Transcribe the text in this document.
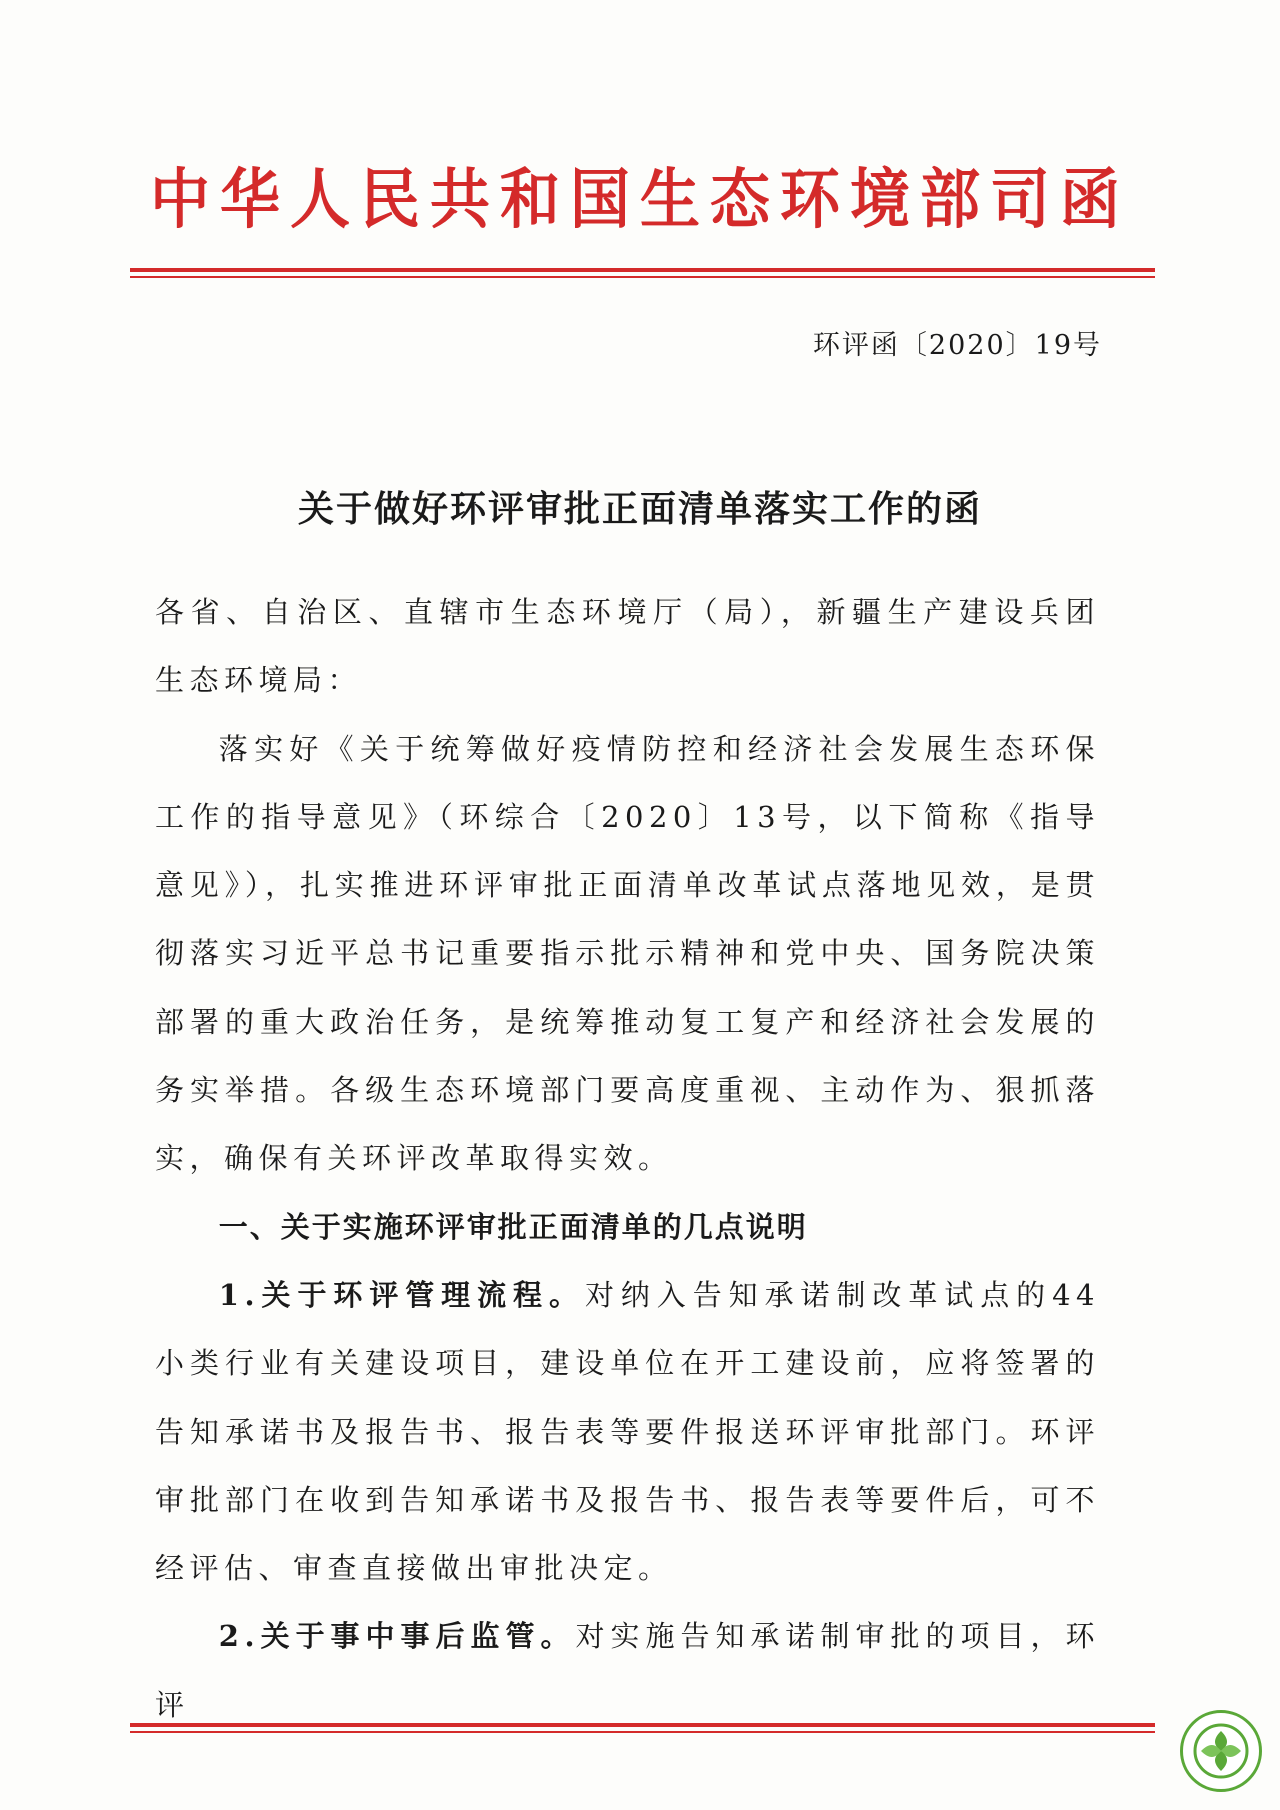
中华人民共和国生态环境部司函
环评函〔2020〕19号
关于做好环评审批正面清单落实工作的函

各省、自治区、直辖市生态环境厅（局），新疆生产建设兵团生态环境局：

落实好《关于统筹做好疫情防控和经济社会发展生态环保工作的指导意见》（环综合〔2020〕13号，以下简称《指导意见》），扎实推进环评审批正面清单改革试点落地见效，是贯彻落实习近平总书记重要指示批示精神和党中央、国务院决策部署的重大政治任务，是统筹推动复工复产和经济社会发展的务实举措。各级生态环境部门要高度重视、主动作为、狠抓落实，确保有关环评改革取得实效。

一、关于实施环评审批正面清单的几点说明

1.关于环评管理流程。对纳入告知承诺制改革试点的44小类行业有关建设项目，建设单位在开工建设前，应将签署的告知承诺书及报告书、报告表等要件报送环评审批部门。环评审批部门在收到告知承诺书及报告书、报告表等要件后，可不经评估、审查直接做出审批决定。

2.关于事中事后监管。对实施告知承诺制审批的项目，环评
